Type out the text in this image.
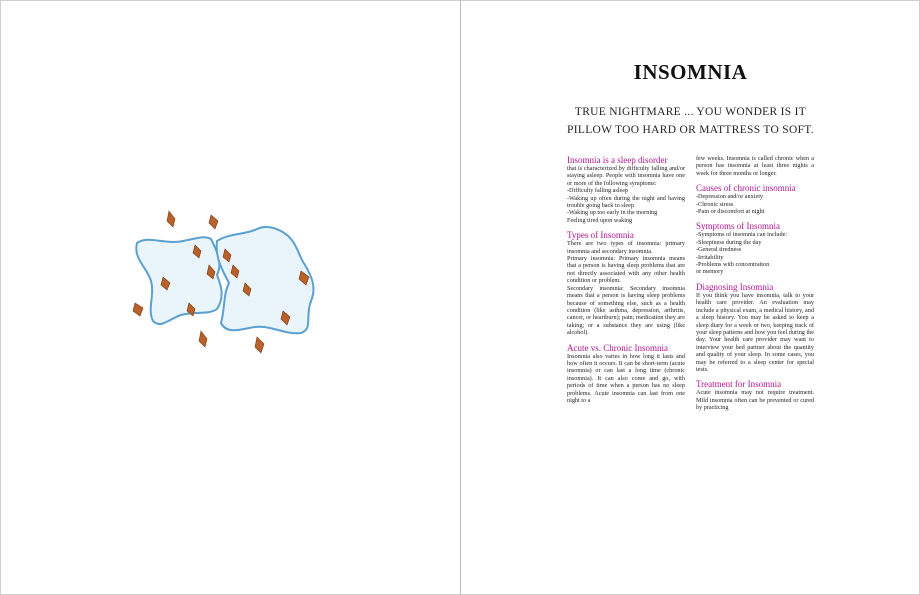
INSOMNIA
TRUE NIGHTMARE ... YOU WONDER IS IT
PILLOW TOO HARD OR MATTRESS TO SOFT.

Insomnia is a sleep disorder

that is characterized by difficulty falling and/or staying asleep. People with insomnia have one or more of the following symptoms:
-Difficulty falling asleep
-Waking up often during the night and having trouble going back to sleep
-Waking up too early in the morning
Feeling tired upon waking

Types of Insomnia

There are two types of insomnia: primary insomnia and secondary insomnia.
Primary insomnia: Primary insomnia means that a person is having sleep problems that are not directly associated with any other health condition or problem.
Secondary insomnia: Secondary insomnia means that a person is having sleep problems because of something else, such as a health condition (like asthma, depression, arthritis, cancer, or heartburn); pain; medication they are taking; or a substance they are using (like alcohol).

Acute vs. Chronic Insomnia

Insomnia also varies in how long it lasts and how often it occurs. It can be short-term (acute insomnia) or can last a long time (chronic insomnia). It can also come and go, with periods of time when a person has no sleep problems. Acute insomnia can last from one night to a

few weeks. Insomnia is called chronic when a person has insomnia at least three nights a week for three months or longer.

Causes of chronic insomnia

-Depression and/or anxiety
-Chronic stress
-Pain or discomfort at night

Symptoms of Insomnia

-Symptoms of insomnia can include:
-Sleepiness during the day
-General tiredness
-Irritability
-Problems with concentration
or memory

Diagnosing Insomnia

If you think you have insomnia, talk to your health care provider. An evaluation may include a physical exam, a medical history, and a sleep history. You may be asked to keep a sleep diary for a week or two, keeping track of your sleep patterns and how you feel during the day. Your health care provider may want to interview your bed partner about the quantity and quality of your sleep. In some cases, you may be referred to a sleep center for special tests.

Treatment for Insomnia

Acute insomnia may not require treatment. Mild insomnia often can be prevented or cured by practicing
